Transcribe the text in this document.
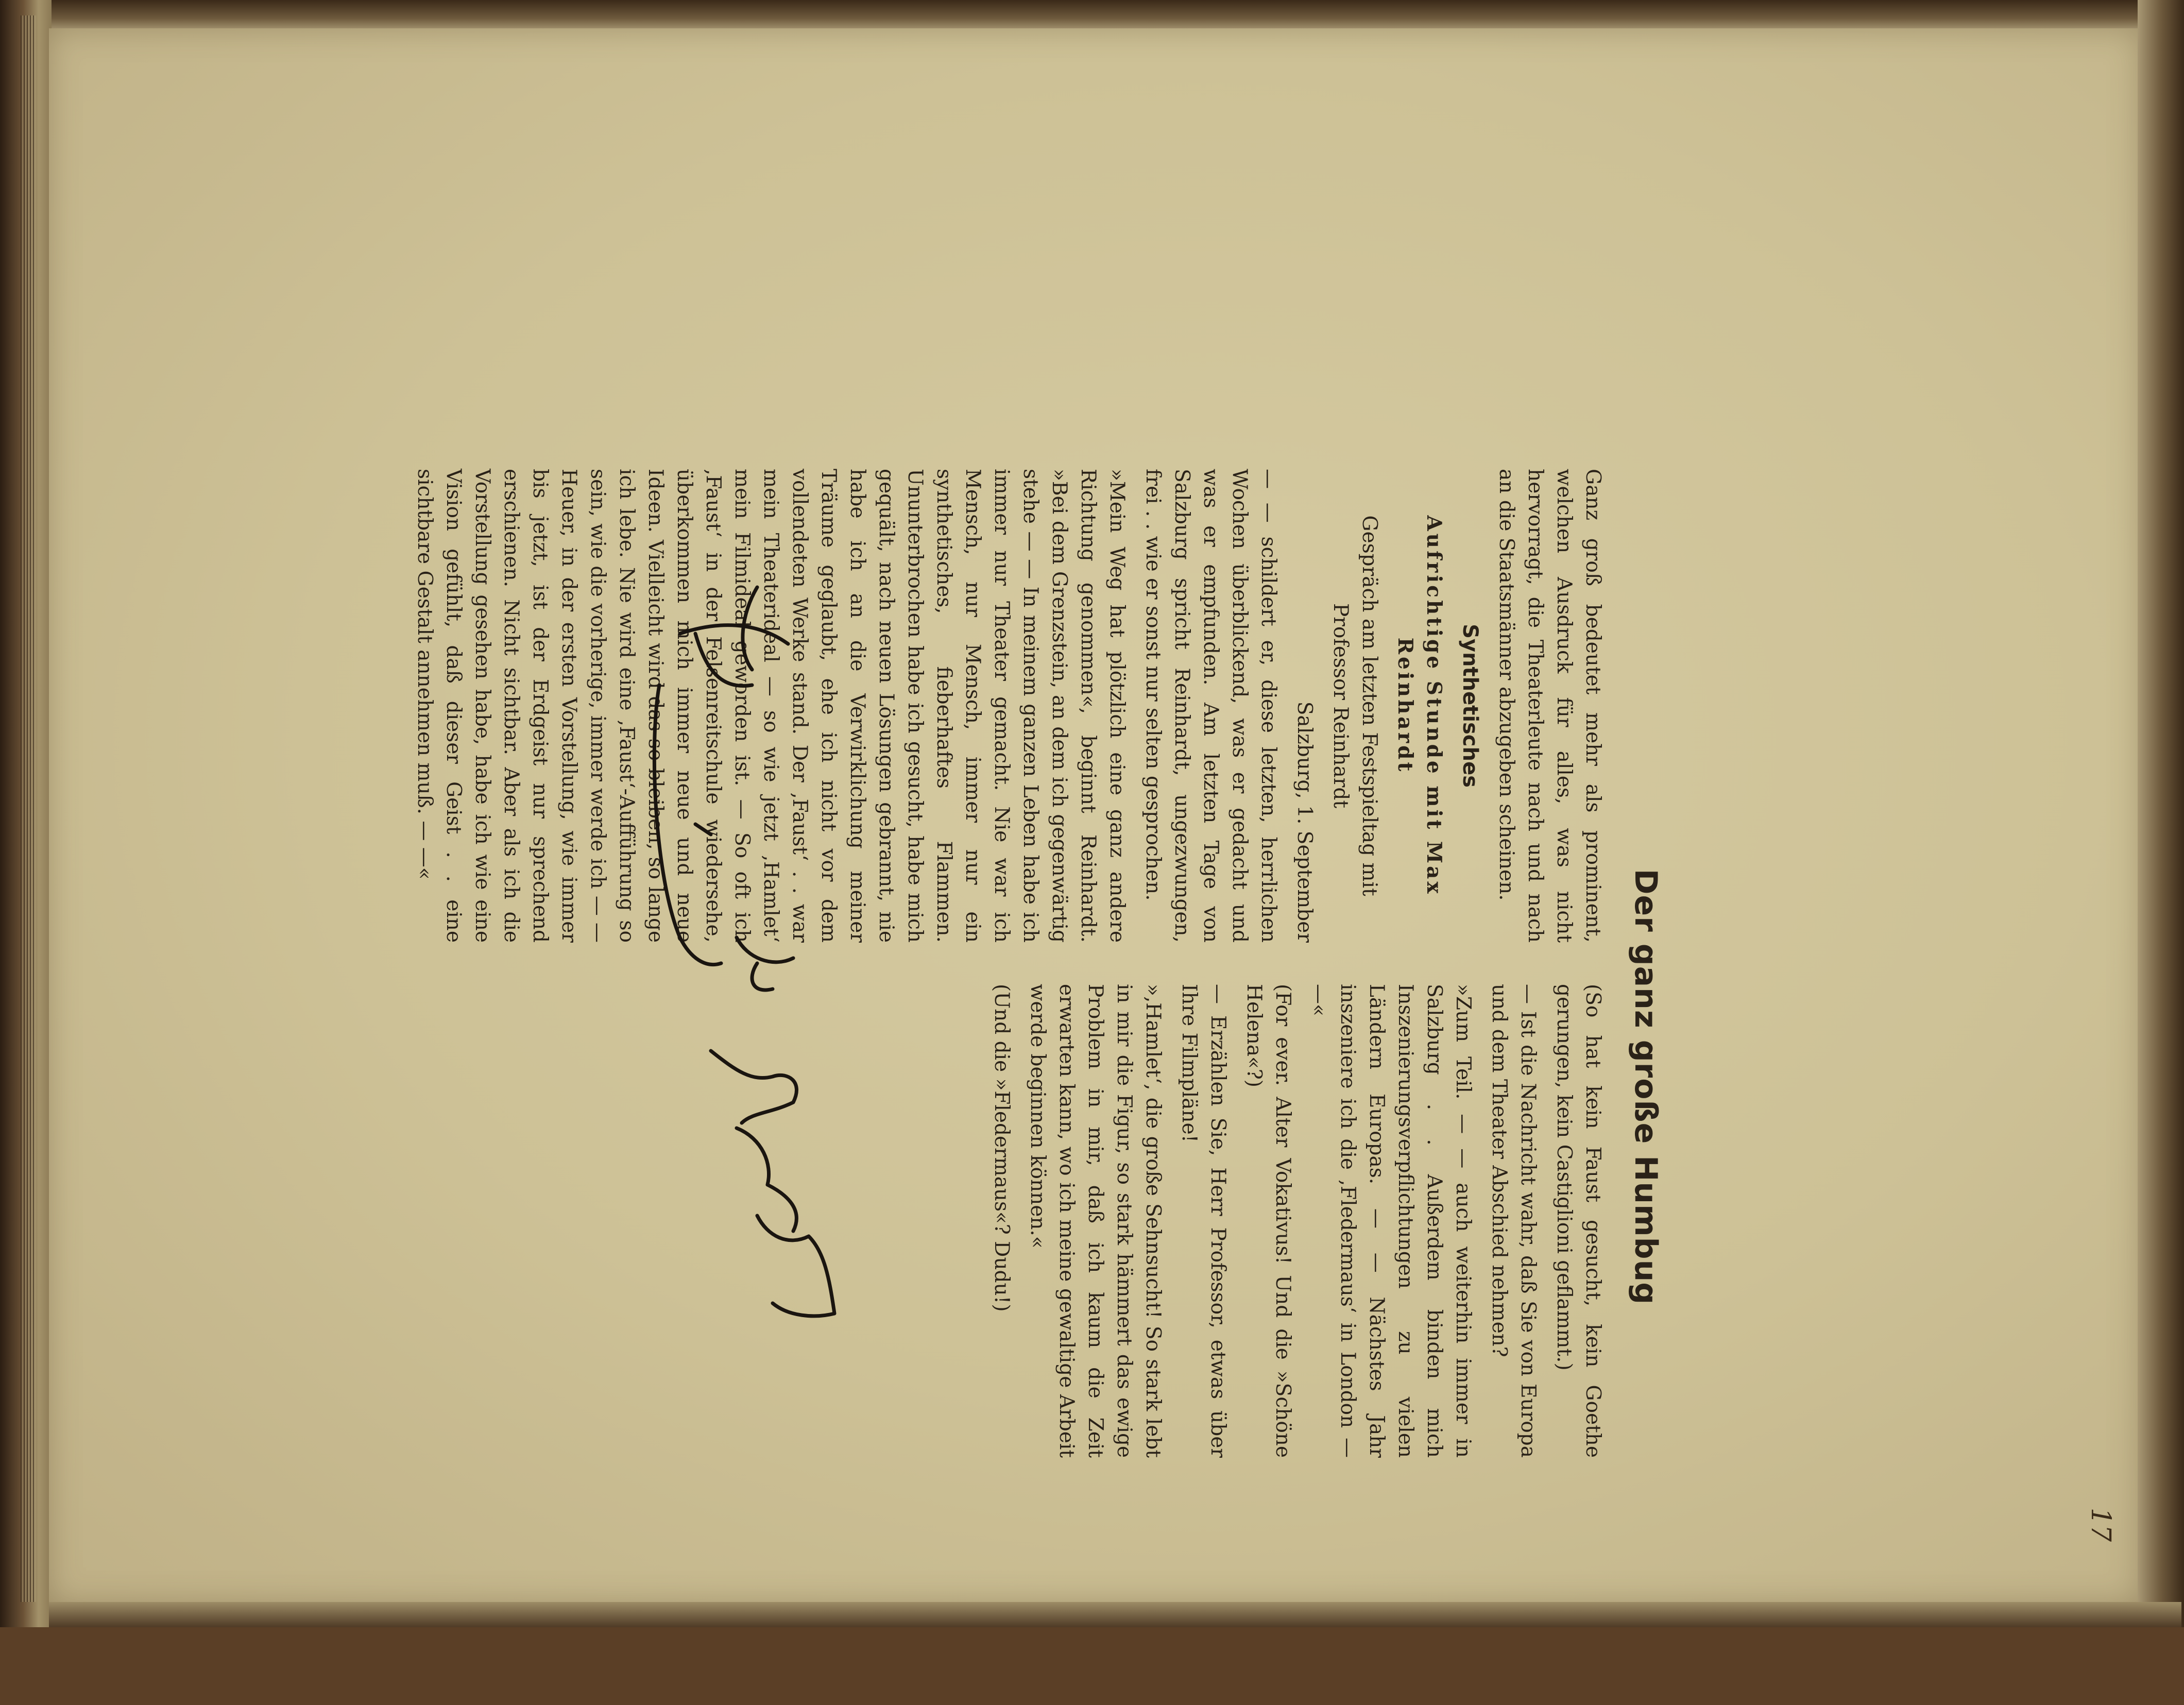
Der ganz große Humbug

Ganz groß bedeutet mehr als prominent, welchen Ausdruck für alles, was nicht hervorragt, die Theaterleute nach und nach an die Staatsmänner abzugeben scheinen.

Synthetisches

Aufrichtige Stunde mit Max Reinhardt

Gespräch am letzten Festspieltag mit Professor Reinhardt

Salzburg, 1. September

— — schildert er, diese letzten, herrlichen Wochen überblickend, was er gedacht und was er empfunden. Am letzten Tage von Salzburg spricht Reinhardt, ungezwungen, frei . . wie er sonst nur selten gesprochen.

»Mein Weg hat plötzlich eine ganz andere Richtung genommen«, beginnt Reinhardt. »Bei dem Grenzstein, an dem ich gegenwärtig stehe — — In meinem ganzen Leben habe ich immer nur Theater gemacht. Nie war ich Mensch, nur Mensch, immer nur ein synthetisches, fieberhaftes Flammen. Ununterbrochen habe ich gesucht, habe mich gequält, nach neuen Lösungen gebrannt, nie habe ich an die Verwirklichung meiner Träume geglaubt, ehe ich nicht vor dem vollendeten Werke stand. Der ‚Faust‘ . . war mein Theaterideal — so wie jetzt ‚Hamlet‘ mein Filmideal geworden ist. — So oft ich ‚Faust‘ in der Felsenreitschule wiedersehe, überkommen mich immer neue und neue Ideen. Vielleicht wird das so bleiben, so lange ich lebe. Nie wird eine ‚Faust‘-Aufführung so sein, wie die vorherige, immer werde ich — — Heuer, in der ersten Vorstellung, wie immer bis jetzt, ist der Erdgeist nur sprechend erschienen. Nicht sichtbar. Aber als ich die Vorstellung gesehen habe, habe ich wie eine Vision gefühlt, daß dieser Geist . . eine sichtbare Gestalt annehmen muß. — —«

(So hat kein Faust gesucht, kein Goethe gerungen, kein Castiglioni geflammt.)

— Ist die Nachricht wahr, daß Sie von Europa und dem Theater Abschied nehmen?

»Zum Teil. — — auch weiterhin immer in Salzburg . . Außerdem binden mich Inszenierungsverpflichtungen zu vielen Ländern Europas. — — Nächstes Jahr inszeniere ich die ‚Fledermaus‘ in London — —«

(For ever. Alter Vokativus! Und die »Schöne Helena«?)

— Erzählen Sie, Herr Professor, etwas über Ihre Filmpläne!

»‚Hamlet‘, die große Sehnsucht! So stark lebt in mir die Figur, so stark hämmert das ewige Problem in mir, daß ich kaum die Zeit erwarten kann, wo ich meine gewaltige Arbeit werde beginnen können.«

(Und die »Fledermaus«? Dudu!)

17
